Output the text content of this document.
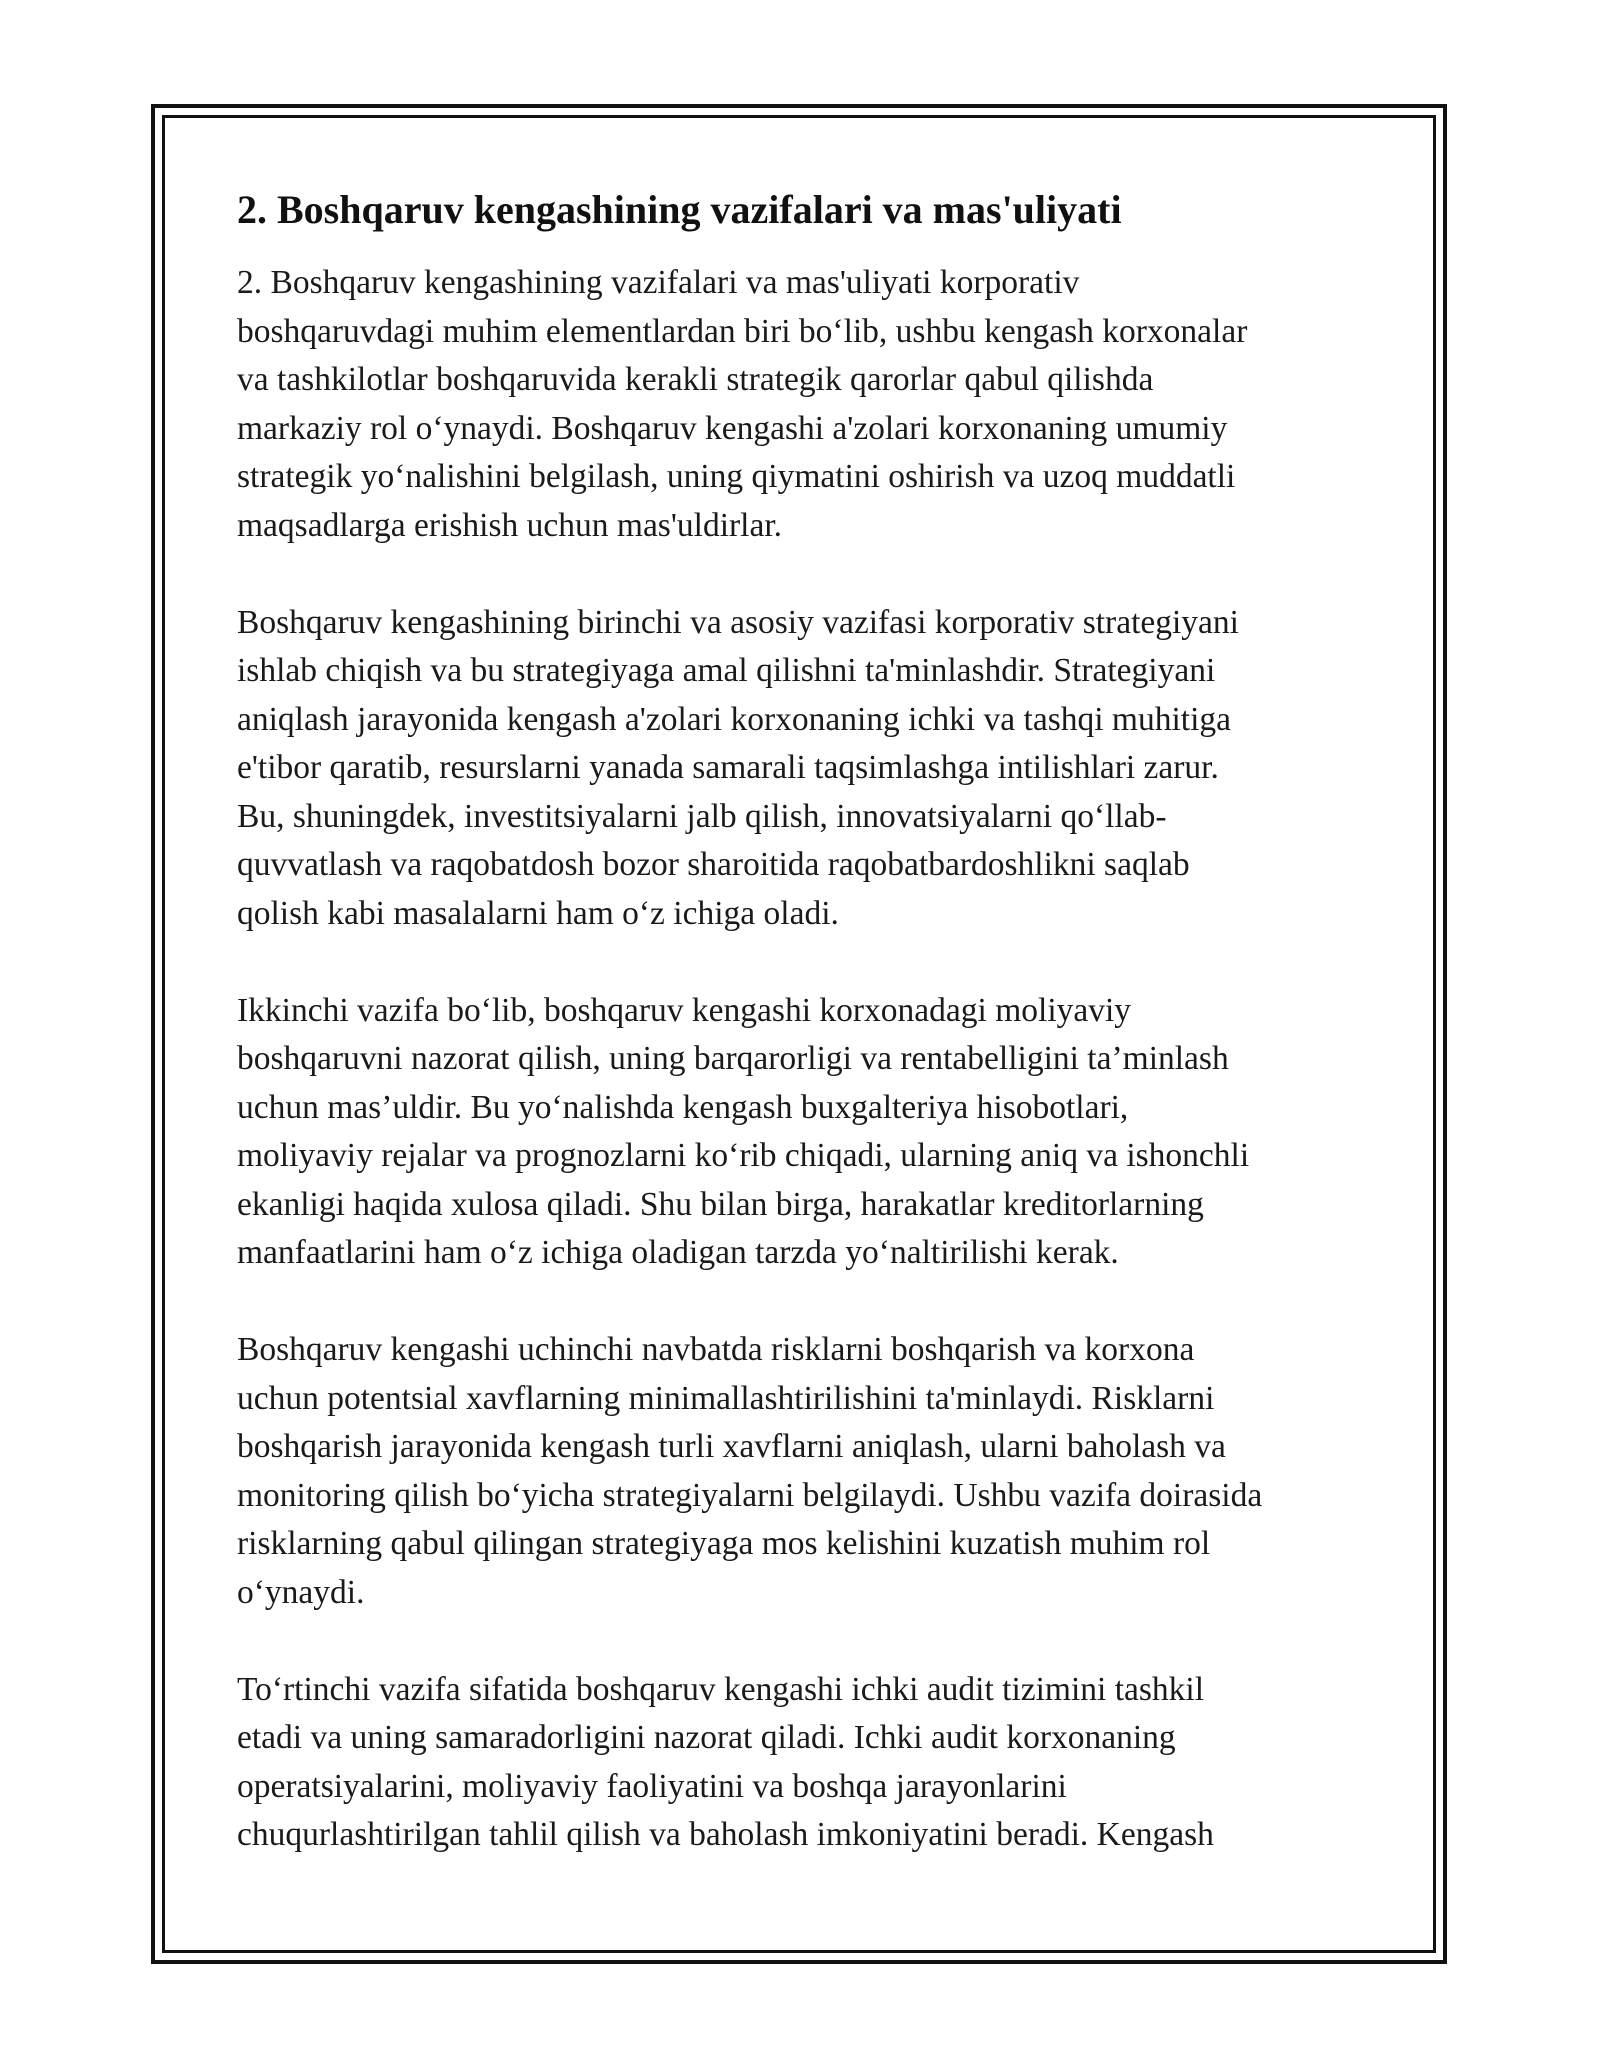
2. Boshqaruv kengashining vazifalari va mas'uliyati

2. Boshqaruv kengashining vazifalari va mas'uliyati korporativ
boshqaruvdagi muhim elementlardan biri bo‘lib, ushbu kengash korxonalar
va tashkilotlar boshqaruvida kerakli strategik qarorlar qabul qilishda
markaziy rol o‘ynaydi. Boshqaruv kengashi a'zolari korxonaning umumiy
strategik yo‘nalishini belgilash, uning qiymatini oshirish va uzoq muddatli
maqsadlarga erishish uchun mas'uldirlar.

Boshqaruv kengashining birinchi va asosiy vazifasi korporativ strategiyani
ishlab chiqish va bu strategiyaga amal qilishni ta'minlashdir. Strategiyani
aniqlash jarayonida kengash a'zolari korxonaning ichki va tashqi muhitiga
e'tibor qaratib, resurslarni yanada samarali taqsimlashga intilishlari zarur.
Bu, shuningdek, investitsiyalarni jalb qilish, innovatsiyalarni qo‘llab-
quvvatlash va raqobatdosh bozor sharoitida raqobatbardoshlikni saqlab
qolish kabi masalalarni ham o‘z ichiga oladi.

Ikkinchi vazifa bo‘lib, boshqaruv kengashi korxonadagi moliyaviy
boshqaruvni nazorat qilish, uning barqarorligi va rentabelligini ta’minlash
uchun mas’uldir. Bu yo‘nalishda kengash buxgalteriya hisobotlari,
moliyaviy rejalar va prognozlarni ko‘rib chiqadi, ularning aniq va ishonchli
ekanligi haqida xulosa qiladi. Shu bilan birga, harakatlar kreditorlarning
manfaatlarini ham o‘z ichiga oladigan tarzda yo‘naltirilishi kerak.

Boshqaruv kengashi uchinchi navbatda risklarni boshqarish va korxona
uchun potentsial xavflarning minimallashtirilishini ta'minlaydi. Risklarni
boshqarish jarayonida kengash turli xavflarni aniqlash, ularni baholash va
monitoring qilish bo‘yicha strategiyalarni belgilaydi. Ushbu vazifa doirasida
risklarning qabul qilingan strategiyaga mos kelishini kuzatish muhim rol
o‘ynaydi.

To‘rtinchi vazifa sifatida boshqaruv kengashi ichki audit tizimini tashkil
etadi va uning samaradorligini nazorat qiladi. Ichki audit korxonaning
operatsiyalarini, moliyaviy faoliyatini va boshqa jarayonlarini
chuqurlashtirilgan tahlil qilish va baholash imkoniyatini beradi. Kengash
